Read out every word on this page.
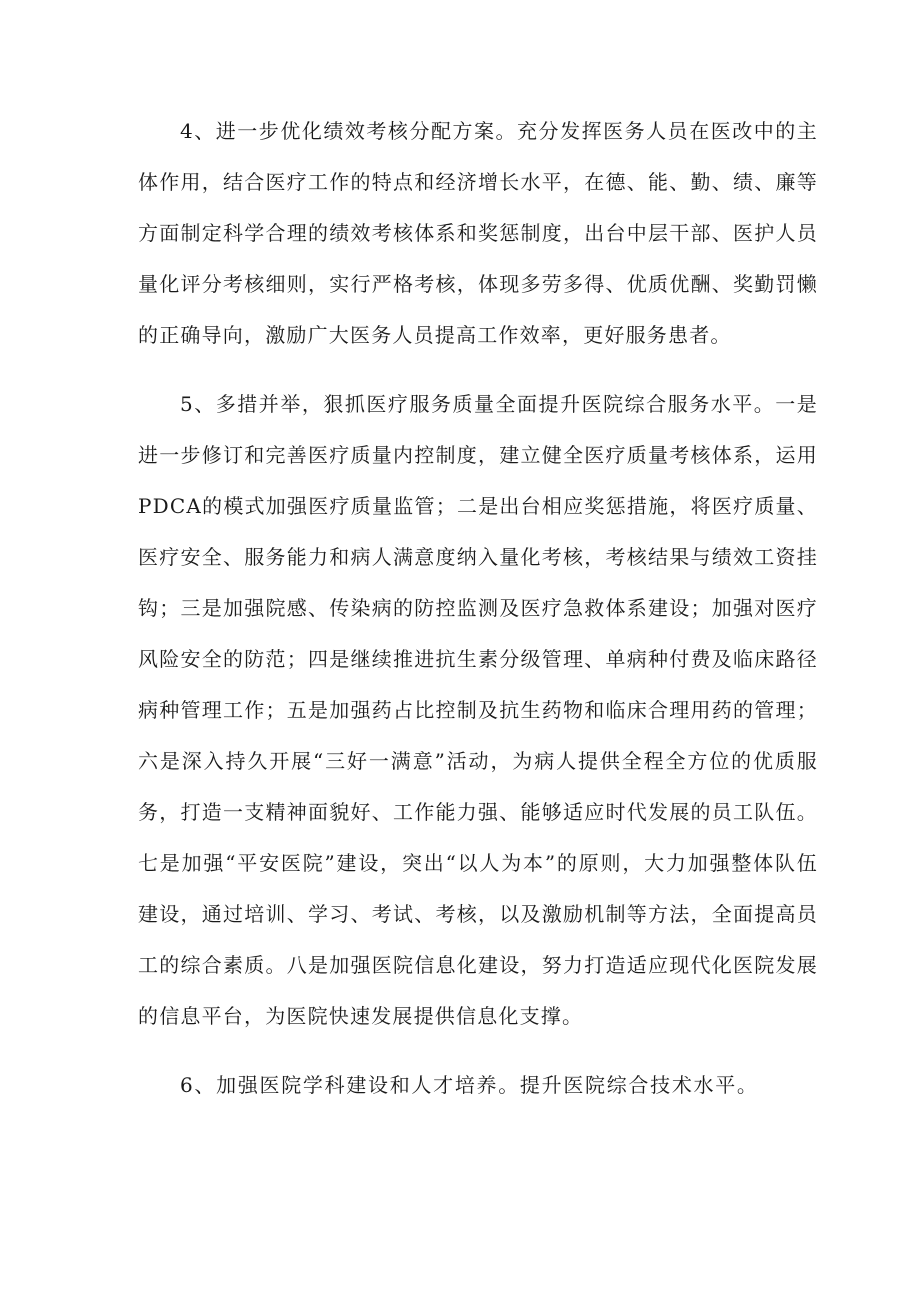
4、进一步优化绩效考核分配方案。充分发挥医务人员在医改中的主体作用，结合医疗工作的特点和经济增长水平，在德、能、勤、绩、廉等方面制定科学合理的绩效考核体系和奖惩制度，出台中层干部、医护人员量化评分考核细则，实行严格考核，体现多劳多得、优质优酬、奖勤罚懒的正确导向，激励广大医务人员提高工作效率，更好服务患者。

5、多措并举，狠抓医疗服务质量全面提升医院综合服务水平。一是进一步修订和完善医疗质量内控制度，建立健全医疗质量考核体系，运用PDCA的模式加强医疗质量监管；二是出台相应奖惩措施，将医疗质量、医疗安全、服务能力和病人满意度纳入量化考核，考核结果与绩效工资挂钩；三是加强院感、传染病的防控监测及医疗急救体系建设；加强对医疗风险安全的防范；四是继续推进抗生素分级管理、单病种付费及临床路径病种管理工作；五是加强药占比控制及抗生药物和临床合理用药的管理；六是深入持久开展“三好一满意”活动，为病人提供全程全方位的优质服务，打造一支精神面貌好、工作能力强、能够适应时代发展的员工队伍。七是加强“平安医院”建设，突出“以人为本”的原则，大力加强整体队伍建设，通过培训、学习、考试、考核，以及激励机制等方法，全面提高员工的综合素质。八是加强医院信息化建设，努力打造适应现代化医院发展的信息平台，为医院快速发展提供信息化支撑。

6、加强医院学科建设和人才培养。提升医院综合技术水平。
